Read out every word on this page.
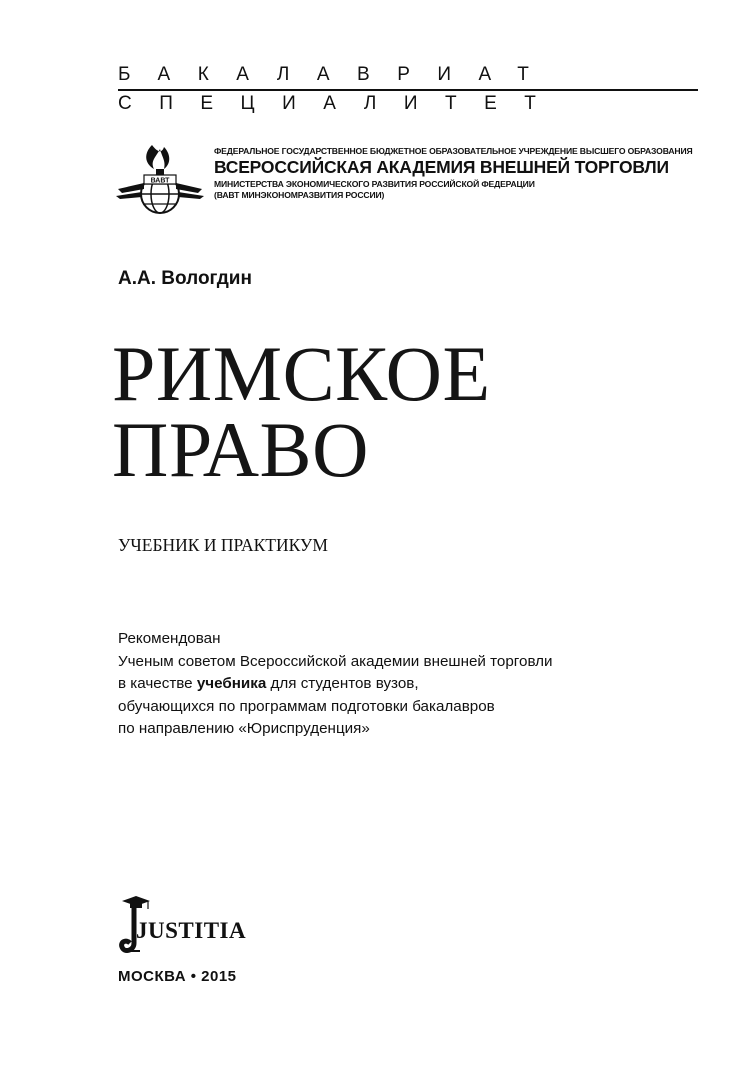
БАКАЛАВРИАТ
СПЕЦИАЛИТЕТ
ВАВТ
ФЕДЕРАЛЬНОЕ ГОСУДАРСТВЕННОЕ БЮДЖЕТНОЕ ОБРАЗОВАТЕЛЬНОЕ УЧРЕЖДЕНИЕ ВЫСШЕГО ОБРАЗОВАНИЯ
ВСЕРОССИЙСКАЯ АКАДЕМИЯ ВНЕШНЕЙ ТОРГОВЛИ
МИНИСТЕРСТВА ЭКОНОМИЧЕСКОГО РАЗВИТИЯ РОССИЙСКОЙ ФЕДЕРАЦИИ
(ВАВТ МИНЭКОНОМРАЗВИТИЯ РОССИИ)
А.А. Вологдин
РИМСКОЕ
ПРАВО
УЧЕБНИК И ПРАКТИКУМ
Рекомендован
Ученым советом Всероссийской академии внешней торговли
в качестве учебника для студентов вузов,
обучающихся по программам подготовки бакалавров
по направлению «Юриспруденция»
JUSTITIA
МОСКВА • 2015
